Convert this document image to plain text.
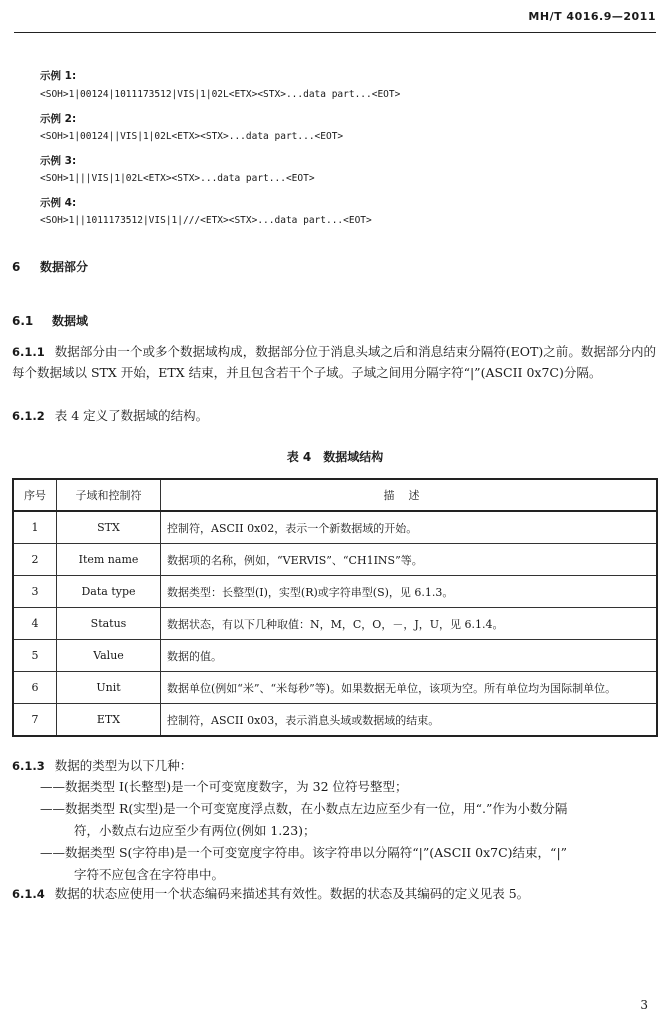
MH/T 4016.9—2011
示例 1:
<SOH>1|00124|1011173512|VIS|1|02L<ETX><STX>...data part...<EOT>
示例 2:
<SOH>1|00124||VIS|1|02L<ETX><STX>...data part...<EOT>
示例 3:
<SOH>1|||VIS|1|02L<ETX><STX>...data part...<EOT>
示例 4:
<SOH>1||1011173512|VIS|1|///<ETX><STX>...data part...<EOT>
6 数据部分
6.1 数据域
6.1.1 数据部分由一个或多个数据域构成，数据部分位于消息头域之后和消息结束分隔符(EOT)之前。数据部分内的每个数据域以 STX 开始，ETX 结束，并且包含若干个子域。子域之间用分隔字符“|”(ASCII 0x7C)分隔。
6.1.2 表 4 定义了数据域的结构。
表 4　数据域结构
序号	子域和控制符	描述
1	STX	控制符，ASCII 0x02，表示一个新数据域的开始。
2	Item name	数据项的名称，例如，“VERVIS”、“CH1INS”等。
3	Data type	数据类型：长整型(I)，实型(R)或字符串型(S)，见 6.1.3。
4	Status	数据状态，有以下几种取值：N，M，C，O，－，J，U，见 6.1.4。
5	Value	数据的值。
6	Unit	数据单位(例如“米”、“米每秒”等)。如果数据无单位，该项为空。所有单位均为国际制单位。
7	ETX	控制符，ASCII 0x03，表示消息头域或数据域的结束。
6.1.3 数据的类型为以下几种：
——数据类型 I(长整型)是一个可变宽度数字，为 32 位符号整型；
——数据类型 R(实型)是一个可变宽度浮点数，在小数点左边应至少有一位，用“.”作为小数分隔
符，小数点右边应至少有两位(例如 1.23)；
——数据类型 S(字符串)是一个可变宽度字符串。该字符串以分隔符“|”(ASCII 0x7C)结束，“|”
字符不应包含在字符串中。
6.1.4 数据的状态应使用一个状态编码来描述其有效性。数据的状态及其编码的定义见表 5。
3
